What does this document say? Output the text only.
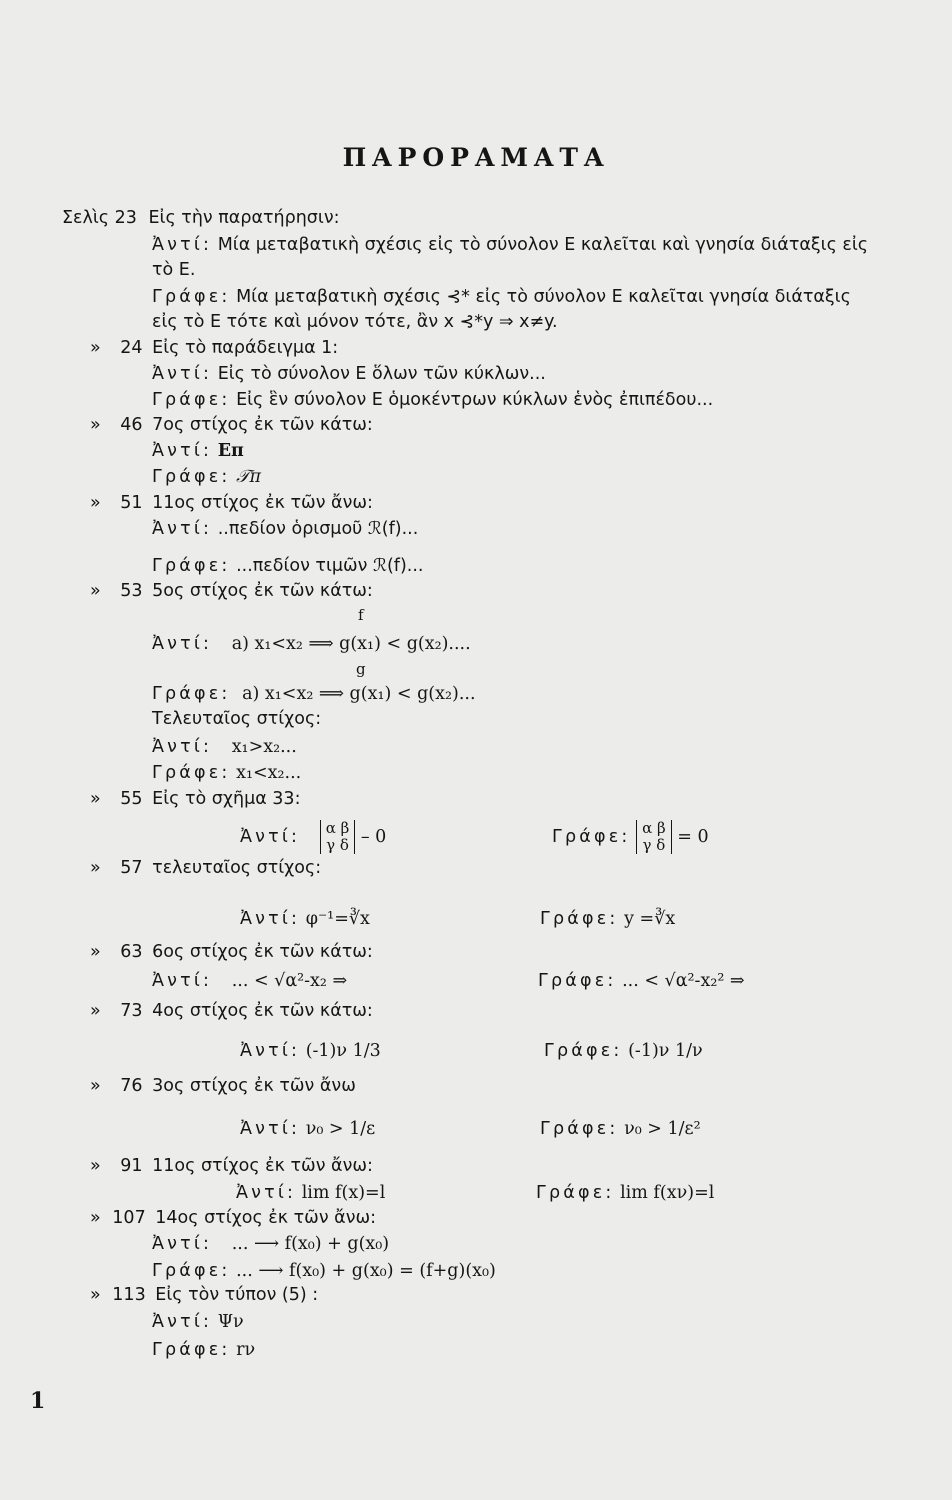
ΠΑΡΟΡΑΜΑΤΑ
Σελὶς 23 Εἰς τὴν παρατήρησιν:
Ἀντί: Μία μεταβατικὴ σχέσις εἰς τὸ σύνολον Ε καλεῖται καὶ γνησία διάταξις εἰς
τὸ Ε.
Γράφε: Μία μεταβατικὴ σχέσις ⊰* εἰς τὸ σύνολον Ε καλεῖται γνησία διάταξις
εἰς τὸ Ε τότε καὶ μόνον τότε, ἂν x ⊰*y ⇒ x≠y.
» 24 Εἰς τὸ παράδειγμα 1:
Ἀντί: Εἰς τὸ σύνολον Ε ὅλων τῶν κύκλων...
Γράφε: Εἰς ἓν σύνολον Ε ὁμοκέντρων κύκλων ἑνὸς ἐπιπέδου...
» 46 7ος στίχος ἐκ τῶν κάτω:
Ἀντί: Eπ
Γράφε: 𝒯π
» 51 11ος στίχος ἐκ τῶν ἄνω:
Ἀντί: ..πεδίον ὁρισμοῦ ℛ(f)...
Γράφε: ...πεδίον τιμῶν ℛ(f)...
» 53 5ος στίχος ἐκ τῶν κάτω:
f
Ἀντί: a) x₁<x₂ ⟹ g(x₁) < g(x₂)....
g
Γράφε: a) x₁<x₂ ⟹ g(x₁) < g(x₂)...
Τελευταῖος στίχος:
Ἀντί: x₁>x₂...
Γράφε: x₁<x₂...
» 55 Εἰς τὸ σχῆμα 33:
Ἀντί: α β
γ δ – 0	Γράφε: α β
γ δ = 0
» 57 τελευταῖος στίχος:
Ἀντί: φ⁻¹=∛x	Γράφε: y =∛x
» 63 6ος στίχος ἐκ τῶν κάτω:
Ἀντί: ... < √α²-x₂ ⇒	Γράφε: ... < √α²-x₂² ⇒
» 73 4ος στίχος ἐκ τῶν κάτω:
Ἀντί: (-1)ν 1/3	Γράφε: (-1)ν 1/ν
» 76 3ος στίχος ἐκ τῶν ἄνω
Ἀντί: ν₀ > 1/ε	Γράφε: ν₀ > 1/ε²
» 91 11ος στίχος ἐκ τῶν ἄνω:
Ἀντί: lim f(x)=l	Γράφε: lim f(xν)=l
» 107 14ος στίχος ἐκ τῶν ἄνω:
Ἀντί: ... ⟶ f(x₀) + g(x₀)
Γράφε: ... ⟶ f(x₀) + g(x₀) = (f+g)(x₀)
» 113 Εἰς τὸν τύπον (5) :
Ἀντί: Ψν
Γράφε: rν
1
